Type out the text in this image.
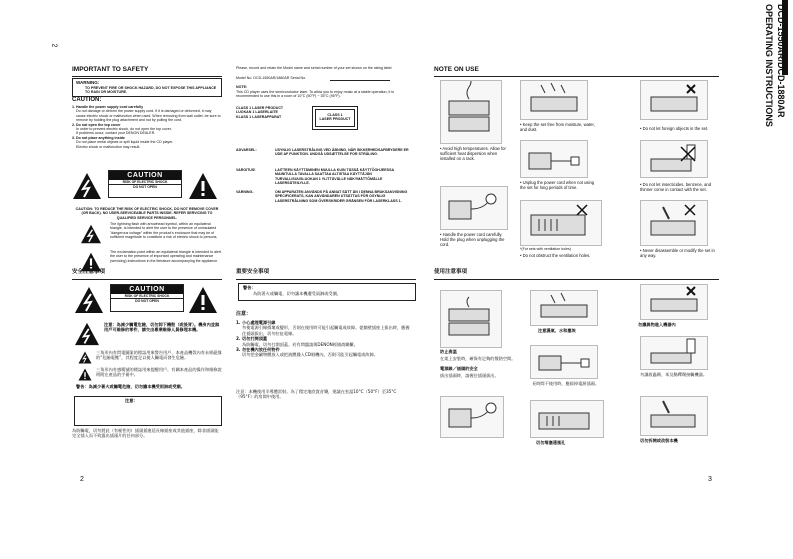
2
IMPORTANT TO SAFETY
WARNING:
TO PREVENT FIRE OR SHOCK HAZARD, DO NOT EXPOSE THIS APPLIANCE TO RAIN OR MOISTURE.
CAUTION:
1. Handle the power supply cord carefully
Do not damage or deform the power supply cord. If it is damaged or deformed, it may cause electric shock or malfunction when used. When removing from wall outlet, be sure to remove by holding the plug attachment and not by pulling the cord.
2. Do not open the top cover
In order to prevent electric shock, do not open the top cover.
If problems occur, contact your DENON DEALER.
3. Do not place anything inside
Do not place metal objects or spill liquid inside the CD player.
Electric shock or malfunction may result.
CAUTION
RISK OF ELECTRIC SHOCK
DO NOT OPEN
CAUTION: TO REDUCE THE RISK OF ELECTRIC SHOCK, DO NOT REMOVE COVER (OR BACK). NO USER-SERVICEABLE PARTS INSIDE. REFER SERVICING TO QUALIFIED SERVICE PERSONNEL.
The lightning flash with arrowhead symbol, within an equilateral triangle, is intended to alert the user to the presence of uninsulated "dangerous voltage" within the product's enclosure that may be of sufficient magnitude to constitute a risk of electric shock to persons.
The exclamation point within an equilateral triangle is intended to alert the user to the presence of important operating and maintenance (servicing) instructions in the literature accompanying the appliance.
Please, record and retain the Model name and serial number of your set shown on the rating label.
Model No. DCD-1550AR/1880AR Serial No.
NOTE:
This CD player uses the semiconductor laser. To allow you to enjoy music at a stable operation, it is recommended to use this in a room of 10°C (50°F) ~ 35°C (95°F).
CLASS 1 LASER PRODUCT
LUOKAN 1 LASERLAITE
KLASS 1 LASERAPPARAT	CLASS 1
LASER PRODUCT
ADVARSEL:	USYNLIG LASERSTRÅLING VED ÅBNING, NÅR SIKKERHEDSAFBRYDERE ER UDE AF FUNKTION. UNDGÅ UDSÆTTELSE FOR STRÅLING.
VAROITUS!	LAITTEEN KÄYTTÄMINEN MUULLA KUIN TÄSSÄ KÄYTTÖOHJEESSA MAINITULLA TAVALLA SAATTAA ALTISTAA KÄYTTÄJÄN TURVALLISUUSLUOKAN 1 YLITTÄVÄLLE NÄKYMÄTTÖMÄLLE LASERSÄTEILYLLE.
VARNING-	OM APPARATEN ANVÄNDS PÅ ANNAT SÄTT ÄN I DENNA BRUKSANVISNING SPECIFICERATS, KAN ANVÄNDAREN UTSÄTTAS FÖR OSYNLIG LASERSTRÅLNING SOM ÖVERSKRIDER GRÄNSEN FÖR LASERKLASS 1.
NOTE ON USE
• Keep the set free from moisture, water, and dust.	• Do not let foreign objects in the set.
• Avoid high temperatures. Allow for sufficient heat dispersion when installed on a rack.
• Unplug the power cord when not using the set for long periods of time.
• Do not let insecticides, benzene, and thinner come in contact with the set.
• Handle the power cord carefully. Hold the plug when unplugging the cord.
*(For sets with ventilation holes)
• Do not obstruct the ventilation holes.
• Never disassemble or modify the set in any way.
DCD-1550AR/DCD-1880AR
OPERATING INSTRUCTIONS
安全注意事項
CAUTION
RISK OF ELECTRIC SHOCK
DO NOT OPEN
注意：為減少觸電危險，切勿卸下機殼（或後背）。機身內並無用戶可維修的零件，請交由專業維修人員修理本機。
三角形內有閃電圖案的標誌用來警告用戶，本產品機殼內有未經絕緣的“危險電壓”，其程度足以使人觸電而發生危險。
三角形內有感嘆號的標誌用來提醒用戶，有關本產品的操作和維修說明附在產品的手冊中。
警告：為減少著火或觸電危險，切勿讓本機受雨淋或受潮。
注意：
為防觸電，切勿將此（有極性的）插頭插進延長線插座或其他插座，除非插頭能完全插入而不致露出插頭片的任何部分。
重要安全事項
警告：
為防著火或觸電，切勿讓本機遭受雨淋或受潮。
注意：
1. 小心處理電源引線
勿使電源引線損壞或變形，否則在使用時可能引起觸電或故障。從牆壁插座上拔出時，應握住插頭拔出，切勿拉扯電線。
2. 切勿打開頂蓋
為防觸電，切勿打開頂蓋。若有問題請與DENON經銷商聯繫。
3. 勿在機內放任何物件
切勿把金屬物體放入或把液體濺入CD唱機內，否則可能引起觸電或故障。
注意：本機使用半導體雷射。為了穩定地欣賞音樂，建議在室溫10°C（50°F）至35°C（95°F）的房間中使用。
使用注意事項
防止高溫
在架上安裝時，確保有足夠的散熱空間。
注意濕氣、水和塵埃
勿讓異物進入機器內
電源線／插頭的安全
拔出插頭時，請握住插頭拔出。
長時間不使用時，應拔掉電源插頭。
勿讓殺蟲劑、苯及稀釋劑接觸機器。
切勿堵塞通風孔	切勿拆開或改裝本機
2	3
